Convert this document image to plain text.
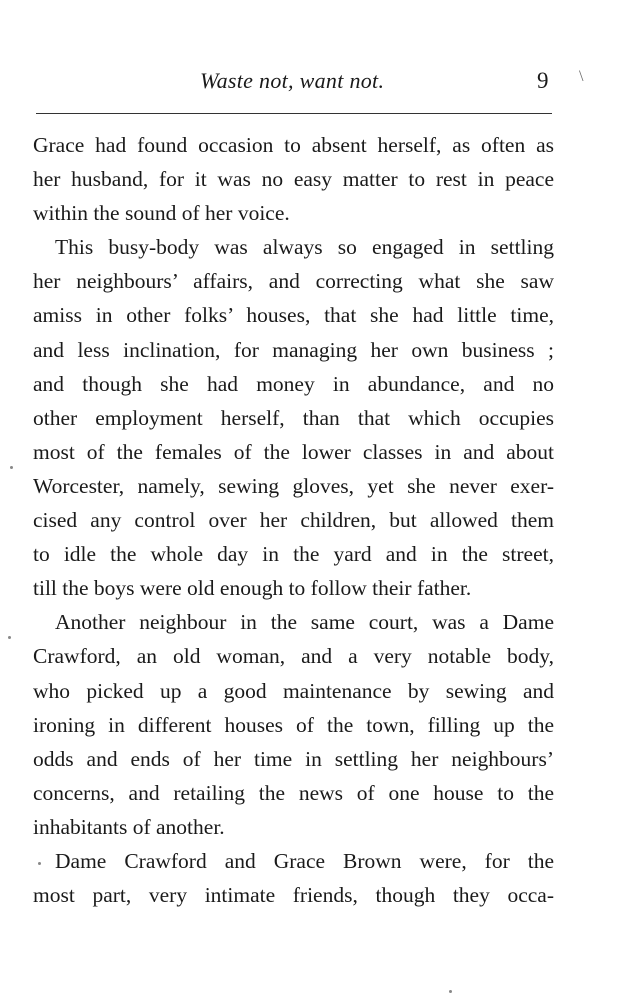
Waste not, want not.	9 \
Grace had found occasion to absent herself, as often as
her husband, for it was no easy matter to rest in peace
within the sound of her voice.
This busy-body was always so engaged in settling
her neighbours’ affairs, and correcting what she saw
amiss in other folks’ houses, that she had little time,
and less inclination, for managing her own business ;
and though she had money in abundance, and no
other employment herself, than that which occupies
most of the females of the lower classes in and about
Worcester, namely, sewing gloves, yet she never exer-
cised any control over her children, but allowed them
to idle the whole day in the yard and in the street,
till the boys were old enough to follow their father.
Another neighbour in the same court, was a Dame
Crawford, an old woman, and a very notable body,
who picked up a good maintenance by sewing and
ironing in different houses of the town, filling up the
odds and ends of her time in settling her neighbours’
concerns, and retailing the news of one house to the
inhabitants of another.
Dame Crawford and Grace Brown were, for the
most part, very intimate friends, though they occa-
